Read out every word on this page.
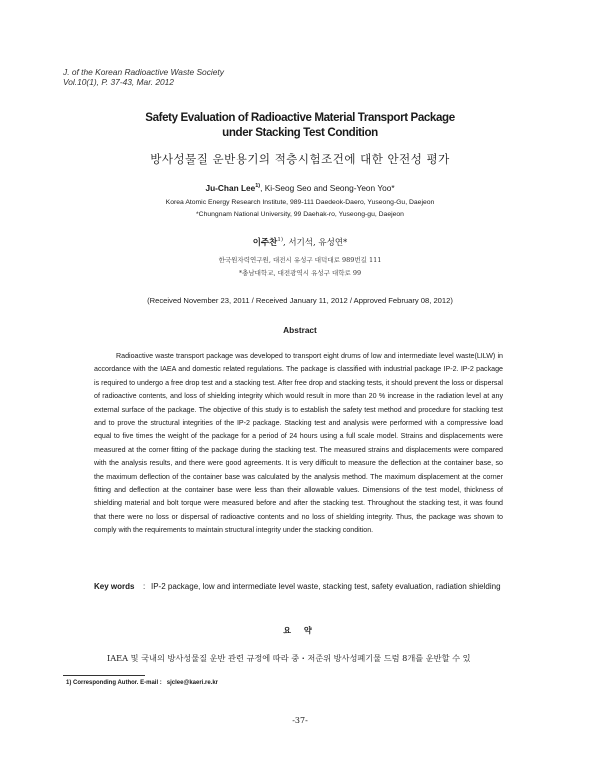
J. of the Korean Radioactive Waste Society
Vol.10(1), P. 37-43, Mar. 2012
Safety Evaluation of Radioactive Material Transport Package
under Stacking Test Condition
방사성물질 운반용기의 적층시험조건에 대한 안전성 평가
Ju-Chan Lee$^{1)}$, Ki-Seog Seo and Seong-Yeon Yoo*
Korea Atomic Energy Research Institute, 989-111 Daedeok-Daero, Yuseong-Gu, Daejeon
*Chungnam National University, 99 Daehak-ro, Yuseong-gu, Daejeon
이주찬$^{1)}$, 서기석, 유성연*
한국원자력연구원, 대전시 유성구 대덕대로 989번길 111
*충남대학교, 대전광역시 유성구 대학로 99
(Received November 23, 2011 / Received January 11, 2012 / Approved February 08, 2012)
Abstract

Radioactive waste transport package was developed to transport eight drums of low and intermediate level waste(LILW) in accordance with the IAEA and domestic related regulations. The package is classified with industrial package IP-2. IP-2 package is required to undergo a free drop test and a stacking test. After free drop and stacking tests, it should prevent the loss or dispersal of radioactive contents, and loss of shielding integrity which would result in more than 20 % increase in the radiation level at any external surface of the package. The objective of this study is to establish the safety test method and procedure for stacking test and to prove the structural integrities of the IP-2 package. Stacking test and analysis were performed with a compressive load equal to five times the weight of the package for a period of 24 hours using a full scale model. Strains and displacements were measured at the corner fitting of the package during the stacking test. The measured strains and displacements were compared with the analysis results, and there were good agreements. It is very difficult to measure the deflection at the container base, so the maximum deflection of the container base was calculated by the analysis method. The maximum displacement at the corner fitting and deflection at the container base were less than their allowable values. Dimensions of the test model, thickness of shielding material and bolt torque were measured before and after the stacking test. Throughout the stacking test, it was found that there were no loss or dispersal of radioactive contents and no loss of shielding integrity. Thus, the package was shown to comply with the requirements to maintain structural integrity under the stacking condition.

Key words : IP-2 package, low and intermediate level waste, stacking test, safety evaluation, radiation shielding
요 약
IAEA 및 국내의 방사성물질 운반 관련 규정에 따라 중・저준위 방사성폐기물 드럼 8개를 운반할 수 있
1) Corresponding Author. E-mail :   sjclee@kaeri.re.kr
-37-
